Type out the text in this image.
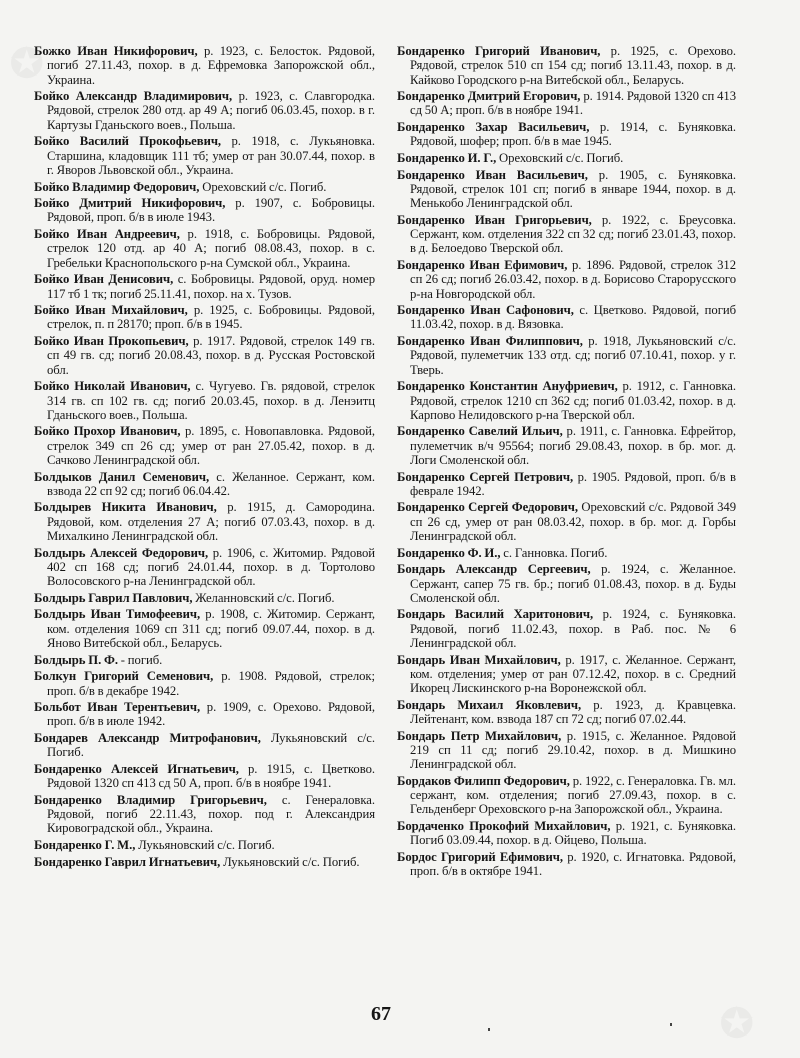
✪
✪

Божко Иван Никифорович, р. 1923, с. Белосток. Рядовой, погиб 27.11.43, похор. в д. Ефремовка Запорожской обл., Украина.

Бойко Александр Владимирович, р. 1923, с. Славгородка. Рядовой, стрелок 280 отд. ар 49 А; погиб 06.03.45, похор. в г. Картузы Гданьского воев., Польша.

Бойко Василий Прокофьевич, р. 1918, с. Лукьяновка. Старшина, кладовщик 111 тб; умер от ран 30.07.44, похор. в г. Яворов Львовской обл., Украина.

Бойко Владимир Федорович, Ореховский с/с. Погиб.

Бойко Дмитрий Никифорович, р. 1907, с. Бобровицы. Рядовой, проп. б/в в июле 1943.

Бойко Иван Андреевич, р. 1918, с. Бобровицы. Рядовой, стрелок 120 отд. ар 40 А; погиб 08.08.43, похор. в с. Гребельки Краснопольского р-на Сумской обл., Украина.

Бойко Иван Денисович, с. Бобровицы. Рядовой, оруд. номер 117 тб 1 тк; погиб 25.11.41, похор. на х. Тузов.

Бойко Иван Михайлович, р. 1925, с. Бобровицы. Рядовой, стрелок, п. п 28170; проп. б/в в 1945.

Бойко Иван Прокопьевич, р. 1917. Рядовой, стрелок 149 гв. сп 49 гв. сд; погиб 20.08.43, похор. в д. Русская Ростовской обл.

Бойко Николай Иванович, с. Чугуево. Гв. рядовой, стрелок 314 гв. сп 102 гв. сд; погиб 20.03.45, похор. в д. Ленэитц Гданьского воев., Польша.

Бойко Прохор Иванович, р. 1895, с. Новопавловка. Рядовой, стрелок 349 сп 26 сд; умер от ран 27.05.42, похор. в д. Сачково Ленинградской обл.

Болдыков Данил Семенович, с. Желанное. Сержант, ком. взвода 22 сп 92 сд; погиб 06.04.42.

Болдырев Никита Иванович, р. 1915, д. Самородина. Рядовой, ком. отделения 27 А; погиб 07.03.43, похор. в д. Михалкино Ленинградской обл.

Болдырь Алексей Федорович, р. 1906, с. Житомир. Рядовой 402 сп 168 сд; погиб 24.01.44, похор. в д. Тортолово Волосовского р-на Ленинградской обл.

Болдырь Гаврил Павлович, Желанновский с/с. Погиб.

Болдырь Иван Тимофеевич, р. 1908, с. Житомир. Сержант, ком. отделения 1069 сп 311 сд; погиб 09.07.44, похор. в д. Яново Витебской обл., Беларусь.

Болдырь П. Ф. - погиб.

Болкун Григорий Семенович, р. 1908. Рядовой, стрелок; проп. б/в в декабре 1942.

Больбот Иван Терентьевич, р. 1909, с. Орехово. Рядовой, проп. б/в в июле 1942.

Бондарев Александр Митрофанович, Лукьяновский с/с. Погиб.

Бондаренко Алексей Игнатьевич, р. 1915, с. Цветково. Рядовой 1320 сп 413 сд 50 А, проп. б/в в ноябре 1941.

Бондаренко Владимир Григорьевич, с. Генераловка. Рядовой, погиб 22.11.43, похор. под г. Александрия Кировоградской обл., Украина.

Бондаренко Г. М., Лукьяновский с/с. Погиб.

Бондаренко Гаврил Игнатьевич, Лукьяновский с/с. Погиб.

Бондаренко Григорий Иванович, р. 1925, с. Орехово. Рядовой, стрелок 510 сп 154 сд; погиб 13.11.43, похор. в д. Кайково Городского р-на Витебской обл., Беларусь.

Бондаренко Дмитрий Егорович, р. 1914. Рядовой 1320 сп 413 сд 50 А; проп. б/в в ноябре 1941.

Бондаренко Захар Васильевич, р. 1914, с. Буняковка. Рядовой, шофер; проп. б/в в мае 1945.

Бондаренко И. Г., Ореховский с/с. Погиб.

Бондаренко Иван Васильевич, р. 1905, с. Буняковка. Рядовой, стрелок 101 сп; погиб в январе 1944, похор. в д. Менькобо Ленинградской обл.

Бондаренко Иван Григорьевич, р. 1922, с. Бреусовка. Сержант, ком. отделения 322 сп 32 сд; погиб 23.01.43, похор. в д. Белоедово Тверской обл.

Бондаренко Иван Ефимович, р. 1896. Рядовой, стрелок 312 сп 26 сд; погиб 26.03.42, похор. в д. Борисово Старорусского р-на Новгородской обл.

Бондаренко Иван Сафонович, с. Цветково. Рядовой, погиб 11.03.42, похор. в д. Вязовка.

Бондаренко Иван Филиппович, р. 1918, Лукьяновский с/с. Рядовой, пулеметчик 133 отд. сд; погиб 07.10.41, похор. у г. Тверь.

Бондаренко Константин Ануфриевич, р. 1912, с. Ганновка. Рядовой, стрелок 1210 сп 362 сд; погиб 01.03.42, похор. в д. Карпово Нелидовского р-на Тверской обл.

Бондаренко Савелий Ильич, р. 1911, с. Ганновка. Ефрейтор, пулеметчик в/ч 95564; погиб 29.08.43, похор. в бр. мог. д. Логи Смоленской обл.

Бондаренко Сергей Петрович, р. 1905. Рядовой, проп. б/в в феврале 1942.

Бондаренко Сергей Федорович, Ореховский с/с. Рядовой 349 сп 26 сд, умер от ран 08.03.42, похор. в бр. мог. д. Горбы Ленинградской обл.

Бондаренко Ф. И., с. Ганновка. Погиб.

Бондарь Александр Сергеевич, р. 1924, с. Желанное. Сержант, сапер 75 гв. бр.; погиб 01.08.43, похор. в д. Буды Смоленской обл.

Бондарь Василий Харитонович, р. 1924, с. Буняковка. Рядовой, погиб 11.02.43, похор. в Раб. пос. № 6 Ленинградской обл.

Бондарь Иван Михайлович, р. 1917, с. Желанное. Сержант, ком. отделения; умер от ран 07.12.42, похор. в с. Средний Икорец Лискинского р-на Воронежской обл.

Бондарь Михаил Яковлевич, р. 1923, д. Кравцевка. Лейтенант, ком. взвода 187 сп 72 сд; погиб 07.02.44.

Бондарь Петр Михайлович, р. 1915, с. Желанное. Рядовой 219 сп 11 сд; погиб 29.10.42, похор. в д. Мишкино Ленинградской обл.

Бордаков Филипп Федорович, р. 1922, с. Генераловка. Гв. мл. сержант, ком. отделения; погиб 27.09.43, похор. в с. Гельденберг Ореховского р-на Запорожской обл., Украина.

Бордаченко Прокофий Михайлович, р. 1921, с. Буняковка. Погиб 03.09.44, похор. в д. Ойцево, Польша.

Бордос Григорий Ефимович, р. 1920, с. Игнатовка. Рядовой, проп. б/в в октябре 1941.

67
